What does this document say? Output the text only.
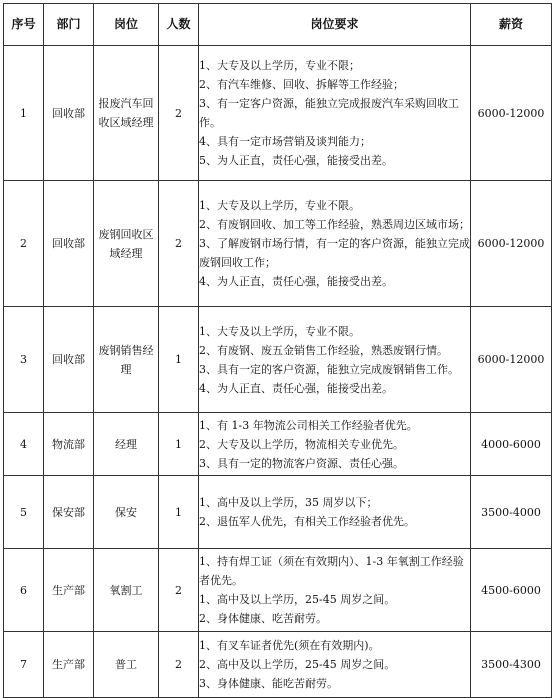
序号	部门	岗位	人数	岗位要求	薪资
1	回收部	报废汽车回收区域经理	2	1、大专及以上学历，专业不限；
2、有汽车维修、回收、拆解等工作经验；
3、有一定客户资源，能独立完成报废汽车采购回收工作。
4、具有一定市场营销及谈判能力；
5、为人正直，责任心强，能接受出差。	6000-12000
2	回收部	废钢回收区域经理	2	1、大专及以上学历，专业不限。
2、有废钢回收、加工等工作经验，熟悉周边区域市场；
3、了解废钢市场行情，有一定的客户资源，能独立完成废钢回收工作；
4、为人正直，责任心强，能接受出差。	6000-12000
3	回收部	废钢销售经理	1	1、大专及以上学历，专业不限。
2、有废钢、废五金销售工作经验，熟悉废钢行情。
3、具有一定的客户资源，能独立完成废钢销售工作。
4、为人正直、责任心强，能接受出差。	6000-12000
4	物流部	经理	1	1、有 1-3 年物流公司相关工作经验者优先。
2、大专及以上学历，物流相关专业优先。
3、具有一定的物流客户资源、责任心强。	4000-6000
5	保安部	保安	1	1、高中及以上学历，35 周岁以下；
2、退伍军人优先，有相关工作经验者优先。	3500-4000
6	生产部	氧割工	2	1、持有焊工证（须在有效期内）、1-3 年氧割工作经验者优先。
1、高中及以上学历，25-45 周岁之间。
2、身体健康、吃苦耐劳。	4500-6000
7	生产部	普工	2	1、有叉车证者优先(须在有效期内)。
2、高中及以上学历，25-45 周岁之间。
3、身体健康、能吃苦耐劳。	3500-4300
